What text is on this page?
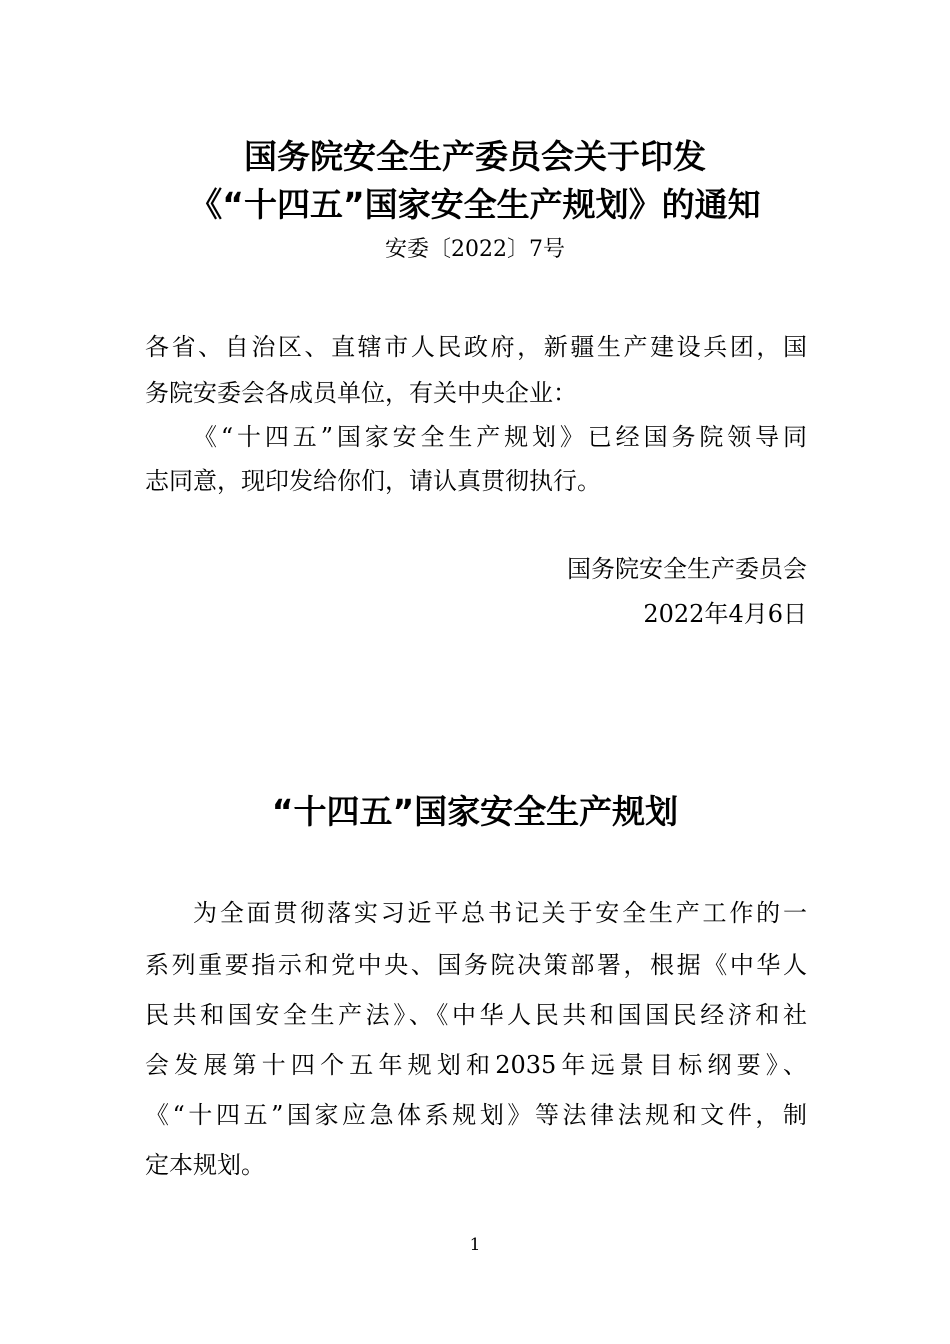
国务院安全生产委员会关于印发
《“十四五”国家安全生产规划》的通知
安委〔2022〕7号
各省、自治区、直辖市人民政府，新疆生产建设兵团，国
务院安委会各成员单位，有关中央企业：
《“十四五”国家安全生产规划》已经国务院领导同
志同意，现印发给你们，请认真贯彻执行。
国务院安全生产委员会
2022年4月6日
“十四五”国家安全生产规划
为全面贯彻落实习近平总书记关于安全生产工作的一
系列重要指示和党中央、国务院决策部署，根据《中华人
民共和国安全生产法》、《中华人民共和国国民经济和社
会发展第十四个五年规划和2035年远景目标纲要》、
《“十四五”国家应急体系规划》等法律法规和文件，制
定本规划。
1
